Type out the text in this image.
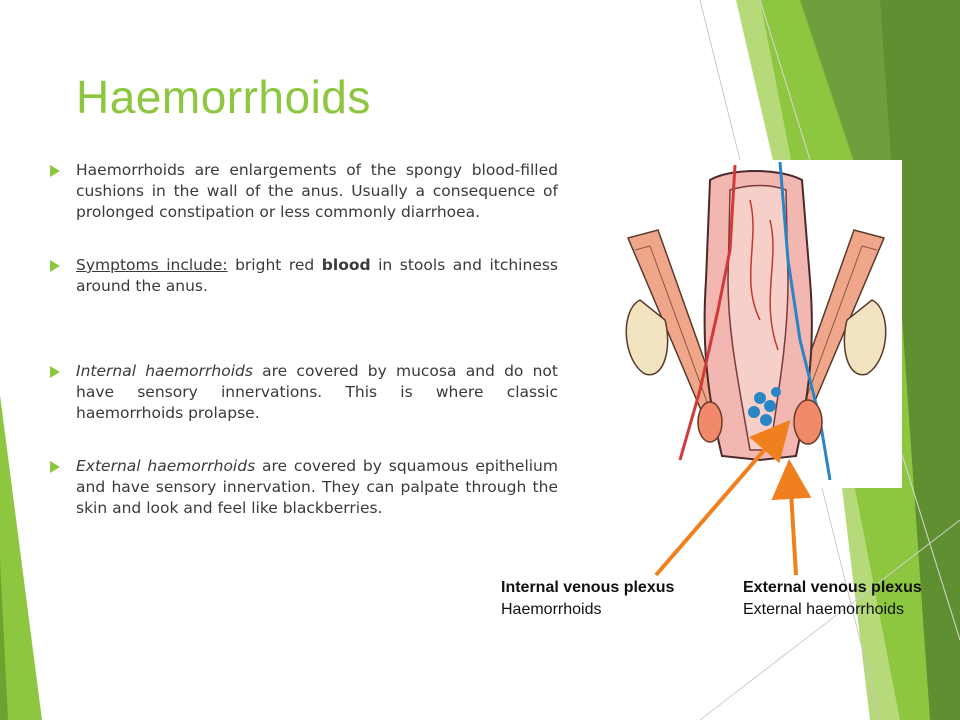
Haemorrhoids
Haemorrhoids are enlargements of the spongy blood-filled cushions in the wall of the anus. Usually a consequence of prolonged constipation or less commonly diarrhoea.
Symptoms include: bright red blood in stools and itchiness around the anus.
Internal haemorrhoids are covered by mucosa and do not have sensory innervations. This is where classic haemorrhoids prolapse.
External haemorrhoids are covered by squamous epithelium and have sensory innervation. They can palpate through the skin and look and feel like blackberries.
Internal venous plexus
Haemorrhoids
External venous plexus
External haemorrhoids
